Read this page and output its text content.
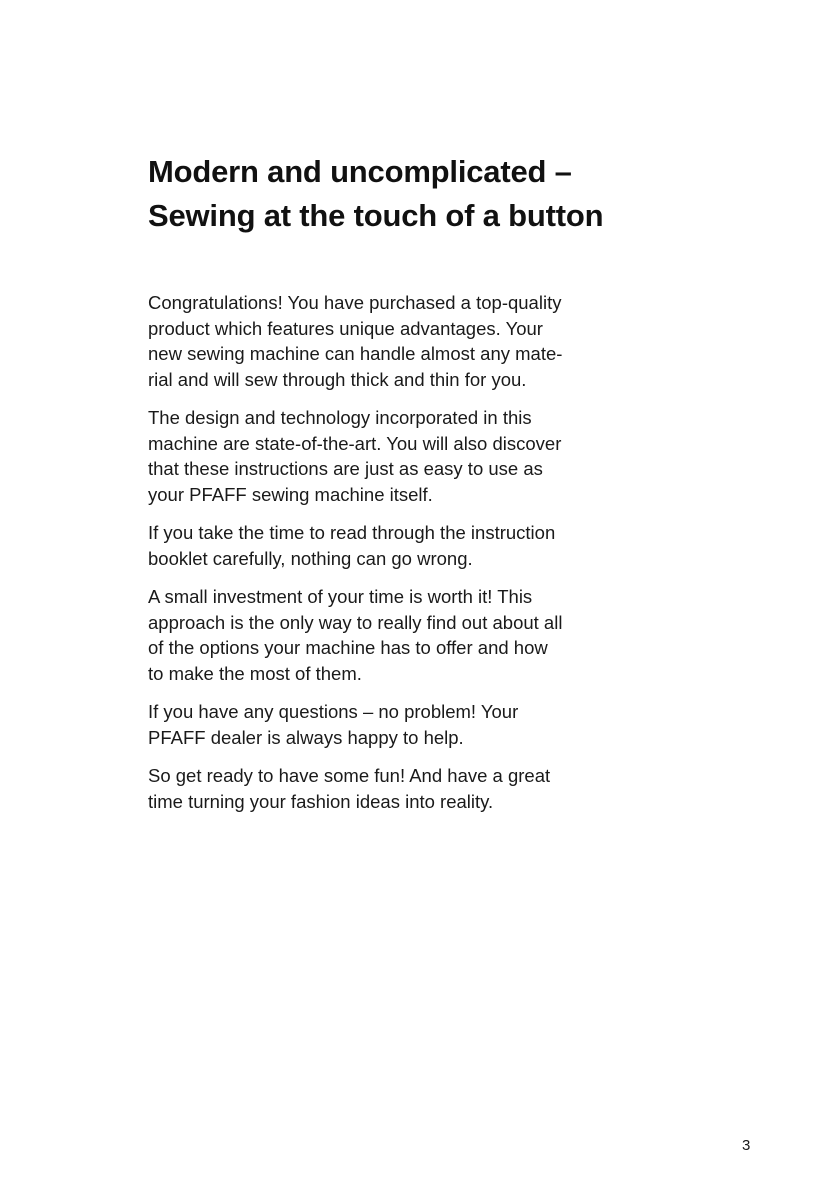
Modern and uncomplicated –
Sewing at the touch of a button

Congratulations! You have purchased a top-quality
product which features unique advantages. Your
new sewing machine can handle almost any mate-
rial and will sew through thick and thin for you.

The design and technology incorporated in this
machine are state-of-the-art. You will also discover
that these instructions are just as easy to use as
your PFAFF sewing machine itself.

If you take the time to read through the instruction
booklet carefully, nothing can go wrong.

A small investment of your time is worth it! This
approach is the only way to really find out about all
of the options your machine has to offer and how
to make the most of them.

If you have any questions – no problem! Your
PFAFF dealer is always happy to help.

So get ready to have some fun! And have a great
time turning your fashion ideas into reality.

3
